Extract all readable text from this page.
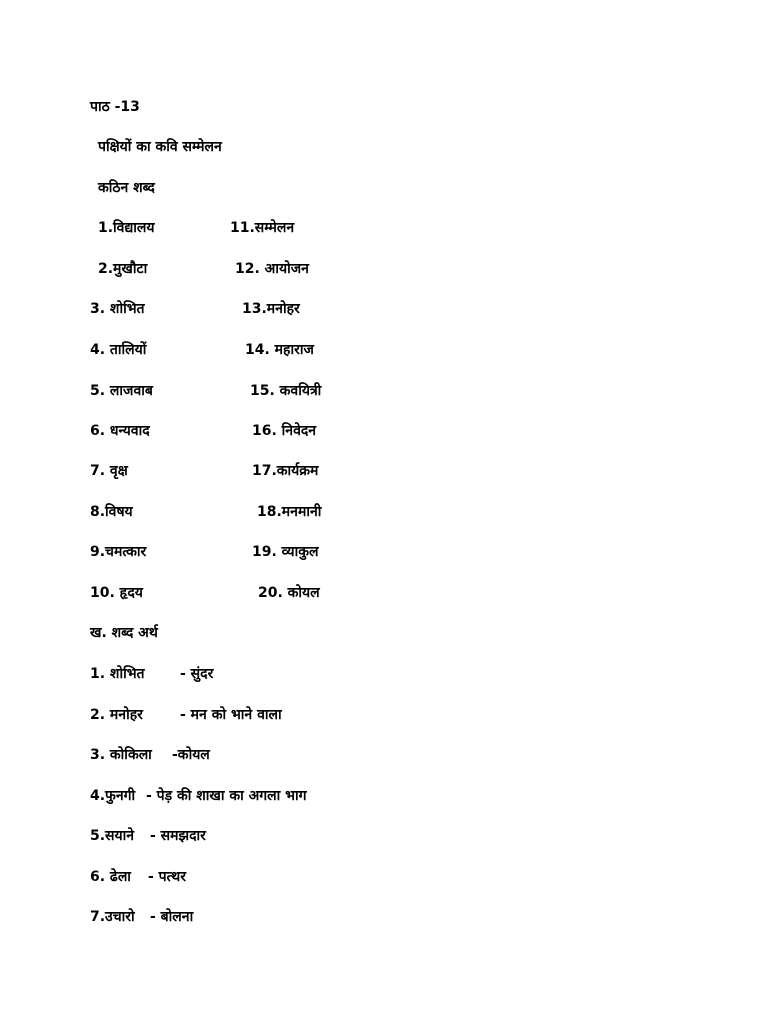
पाठ -13
पक्षियों का कवि सम्मेलन
कठिन शब्द
1.विद्यालय	11.सम्मेलन
2.मुखौटा	12. आयोजन
3. शोभित	13.मनोहर
4. तालियों	14. महाराज
5. लाजवाब	15. कवयित्री
6. धन्यवाद	16. निवेदन
7. वृक्ष	17.कार्यक्रम
8.विषय	18.मनमानी
9.चमत्कार	19. व्याकुल
10. हृदय	20. कोयल
ख. शब्द अर्थ
1. शोभित	- सुंदर
2. मनोहर	- मन को भाने वाला
3. कोकिला -कोयल
4.फुनगी - पेड़ की शाखा का अगला भाग
5.सयाने - समझदार
6. ढेला - पत्थर
7.उचारो - बोलना
